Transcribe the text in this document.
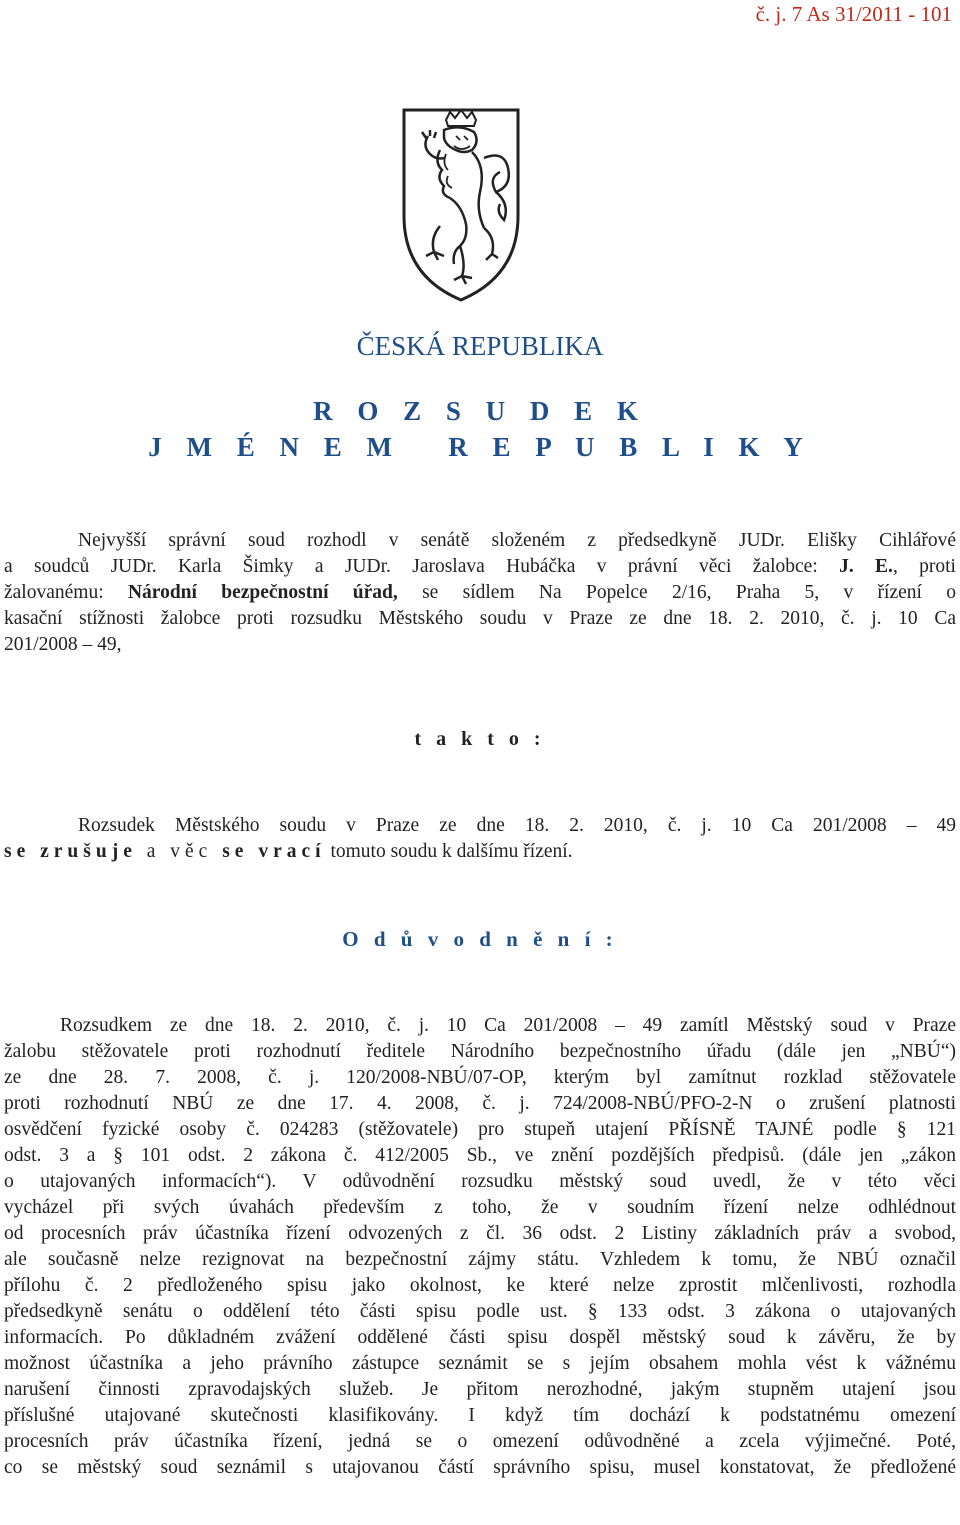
č. j. 7 As 31/2011 - 101
ČESKÁ REPUBLIKA
R O Z S U D E K
J M É N E M   R E P U B L I K Y
Nejvyšší správní soud rozhodl v senátě složeném z předsedkyně JUDr. Elišky Cihlářové
a soudců JUDr. Karla Šimky a JUDr. Jaroslava Hubáčka v právní věci žalobce: J. E., proti
žalovanému: Národní bezpečnostní úřad, se sídlem Na Popelce 2/16, Praha 5, v řízení o
kasační stížnosti žalobce proti rozsudku Městského soudu v Praze ze dne 18. 2. 2010, č. j. 10 Ca
201/2008 – 49,
t a k t o :
Rozsudek Městského soudu v Praze ze dne 18. 2. 2010, č. j. 10 Ca 201/2008 – 49
se zrušuje a věc se vrací tomuto soudu k dalšímu řízení.
O d ů v o d n ě n í :
Rozsudkem ze dne 18. 2. 2010, č. j. 10 Ca 201/2008 – 49 zamítl Městský soud v Praze
žalobu stěžovatele proti rozhodnutí ředitele Národního bezpečnostního úřadu (dále jen „NBÚ“)
ze dne 28. 7. 2008, č. j. 120/2008-NBÚ/07-OP, kterým byl zamítnut rozklad stěžovatele
proti rozhodnutí NBÚ ze dne 17. 4. 2008, č. j. 724/2008-NBÚ/PFO-2-N o zrušení platnosti
osvědčení fyzické osoby č. 024283 (stěžovatele) pro stupeň utajení PŘÍSNĚ TAJNÉ podle § 121
odst. 3 a § 101 odst. 2 zákona č. 412/2005 Sb., ve znění pozdějších předpisů. (dále jen „zákon
o utajovaných informacích“). V odůvodnění rozsudku městský soud uvedl, že v této věci
vycházel při svých úvahách především z toho, že v soudním řízení nelze odhlédnout
od procesních práv účastníka řízení odvozených z čl. 36 odst. 2 Listiny základních práv a svobod,
ale současně nelze rezignovat na bezpečnostní zájmy státu. Vzhledem k tomu, že NBÚ označil
přílohu č. 2 předloženého spisu jako okolnost, ke které nelze zprostit mlčenlivosti, rozhodla
předsedkyně senátu o oddělení této části spisu podle ust. § 133 odst. 3 zákona o utajovaných
informacích. Po důkladném zvážení oddělené části spisu dospěl městský soud k závěru, že by
možnost účastníka a jeho právního zástupce seznámit se s jejím obsahem mohla vést k vážnému
narušení činnosti zpravodajských služeb. Je přitom nerozhodné, jakým stupněm utajení jsou
příslušné utajované skutečnosti klasifikovány. I když tím dochází k podstatnému omezení
procesních práv účastníka řízení, jedná se o omezení odůvodněné a zcela výjimečné. Poté,
co se městský soud seznámil s utajovanou částí správního spisu, musel konstatovat, že předložené
